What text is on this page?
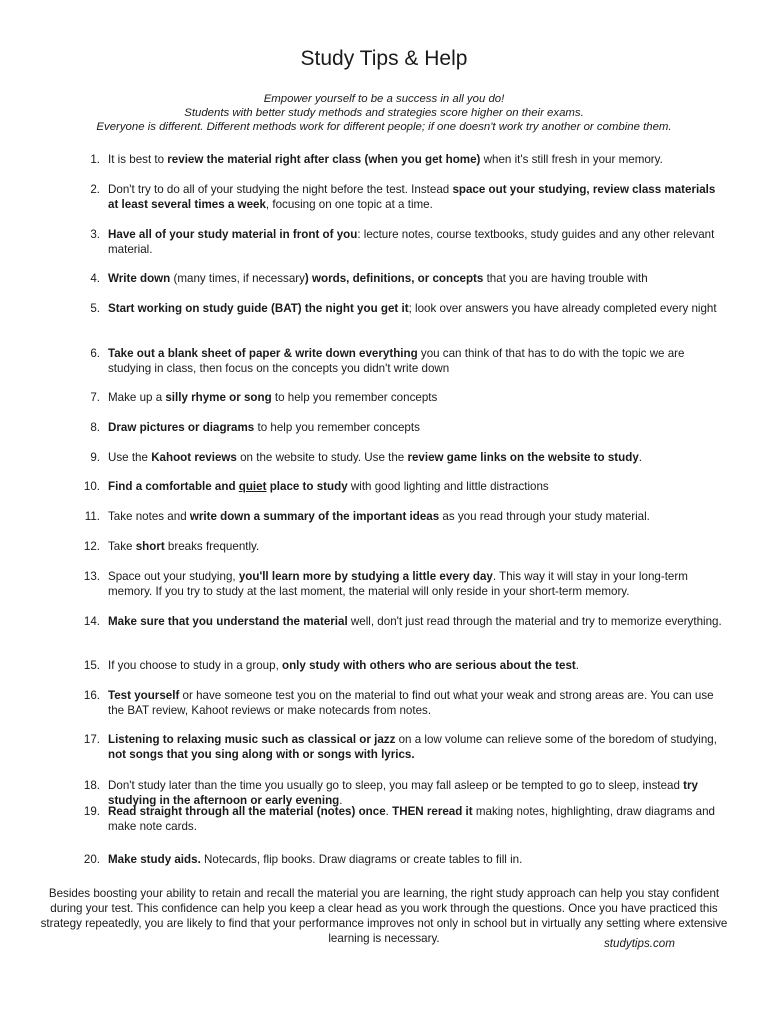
Study Tips & Help
Empower yourself to be a success in all you do!
Students with better study methods and strategies score higher on their exams.
Everyone is different. Different methods work for different people; if one doesn't work try another or combine them.
1. It is best to review the material right after class (when you get home) when it's still fresh in your memory.
2. Don't try to do all of your studying the night before the test. Instead space out your studying, review class materials at least several times a week, focusing on one topic at a time.
3. Have all of your study material in front of you: lecture notes, course textbooks, study guides and any other relevant material.
4. Write down (many times, if necessary) words, definitions, or concepts that you are having trouble with
5. Start working on study guide (BAT) the night you get it; look over answers you have already completed every night
6. Take out a blank sheet of paper & write down everything you can think of that has to do with the topic we are studying in class, then focus on the concepts you didn't write down
7. Make up a silly rhyme or song to help you remember concepts
8. Draw pictures or diagrams to help you remember concepts
9. Use the Kahoot reviews on the website to study. Use the review game links on the website to study.
10. Find a comfortable and quiet place to study with good lighting and little distractions
11. Take notes and write down a summary of the important ideas as you read through your study material.
12. Take short breaks frequently.
13. Space out your studying, you'll learn more by studying a little every day. This way it will stay in your long-term memory. If you try to study at the last moment, the material will only reside in your short-term memory.
14. Make sure that you understand the material well, don't just read through the material and try to memorize everything.
15. If you choose to study in a group, only study with others who are serious about the test.
16. Test yourself or have someone test you on the material to find out what your weak and strong areas are. You can use the BAT review, Kahoot reviews or make notecards from notes.
17. Listening to relaxing music such as classical or jazz on a low volume can relieve some of the boredom of studying, not songs that you sing along with or songs with lyrics.
18. Don't study later than the time you usually go to sleep, you may fall asleep or be tempted to go to sleep, instead try studying in the afternoon or early evening.
19. Read straight through all the material (notes) once. THEN reread it making notes, highlighting, draw diagrams and make note cards.
20. Make study aids. Notecards, flip books. Draw diagrams or create tables to fill in.
Besides boosting your ability to retain and recall the material you are learning, the right study approach can help you stay confident during your test. This confidence can help you keep a clear head as you work through the questions. Once you have practiced this strategy repeatedly, you are likely to find that your performance improves not only in school but in virtually any setting where extensive learning is necessary.	studytips.com
